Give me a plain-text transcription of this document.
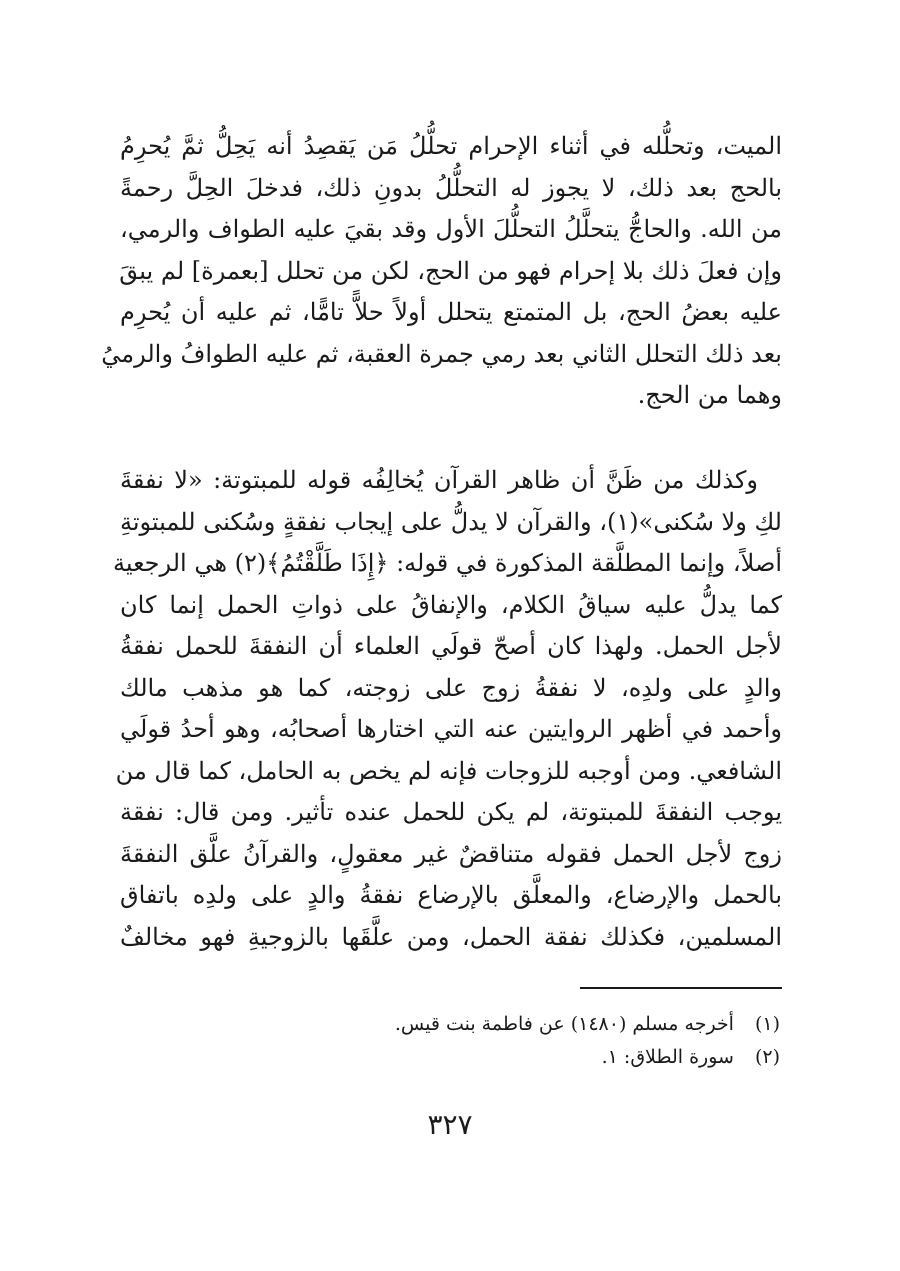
الميت، وتحلُّله في أثناء الإحرام تحلُّلُ مَن يَقصِدُ أنه يَحِلُّ ثمَّ يُحرِمُ
بالحج بعد ذلك، لا يجوز له التحلُّلُ بدونِ ذلك، فدخلَ الحِلَّ رحمةً
من الله. والحاجُّ يتحلَّلُ التحلُّلَ الأول وقد بقيَ عليه الطواف والرمي،
وإن فعلَ ذلك بلا إحرام فهو من الحج، لكن من تحلل [بعمرة] لم يبقَ
عليه بعضُ الحج، بل المتمتع يتحلل أولاً حلاًّ تامًّا، ثم عليه أن يُحرِم
بعد ذلك التحلل الثاني بعد رمي جمرة العقبة، ثم عليه الطوافُ والرميُ
وهما من الحج.
وكذلك من ظَنَّ أن ظاهر القرآن يُخالِفُه قوله للمبتوتة: «لا نفقةَ
لكِ ولا سُكنى»(١)، والقرآن لا يدلُّ على إيجاب نفقةٍ وسُكنى للمبتوتةِ
أصلاً، وإنما المطلَّقة المذكورة في قوله: ﴿إِذَا طَلَّقْتُمُ﴾(٢) هي الرجعية
كما يدلُّ عليه سياقُ الكلام، والإنفاقُ على ذواتِ الحمل إنما كان
لأجل الحمل. ولهذا كان أصحّ قولَي العلماء أن النفقةَ للحمل نفقةُ
والدٍ على ولدِه، لا نفقةُ زوج على زوجته، كما هو مذهب مالك
وأحمد في أظهر الروايتين عنه التي اختارها أصحابُه، وهو أحدُ قولَي
الشافعي. ومن أوجبه للزوجات فإنه لم يخص به الحامل، كما قال من
يوجب النفقةَ للمبتوتة، لم يكن للحمل عنده تأثير. ومن قال: نفقة
زوج لأجل الحمل فقوله متناقضٌ غير معقولٍ، والقرآنُ علَّق النفقةَ
بالحمل والإرضاع، والمعلَّق بالإرضاع نفقةُ والدٍ على ولدِه باتفاق
المسلمين، فكذلك نفقة الحمل، ومن علَّقَها بالزوجيةِ فهو مخالفٌ
(١) أخرجه مسلم (١٤٨٠) عن فاطمة بنت قيس.
(٢) سورة الطلاق: ١.
٣٢٧
